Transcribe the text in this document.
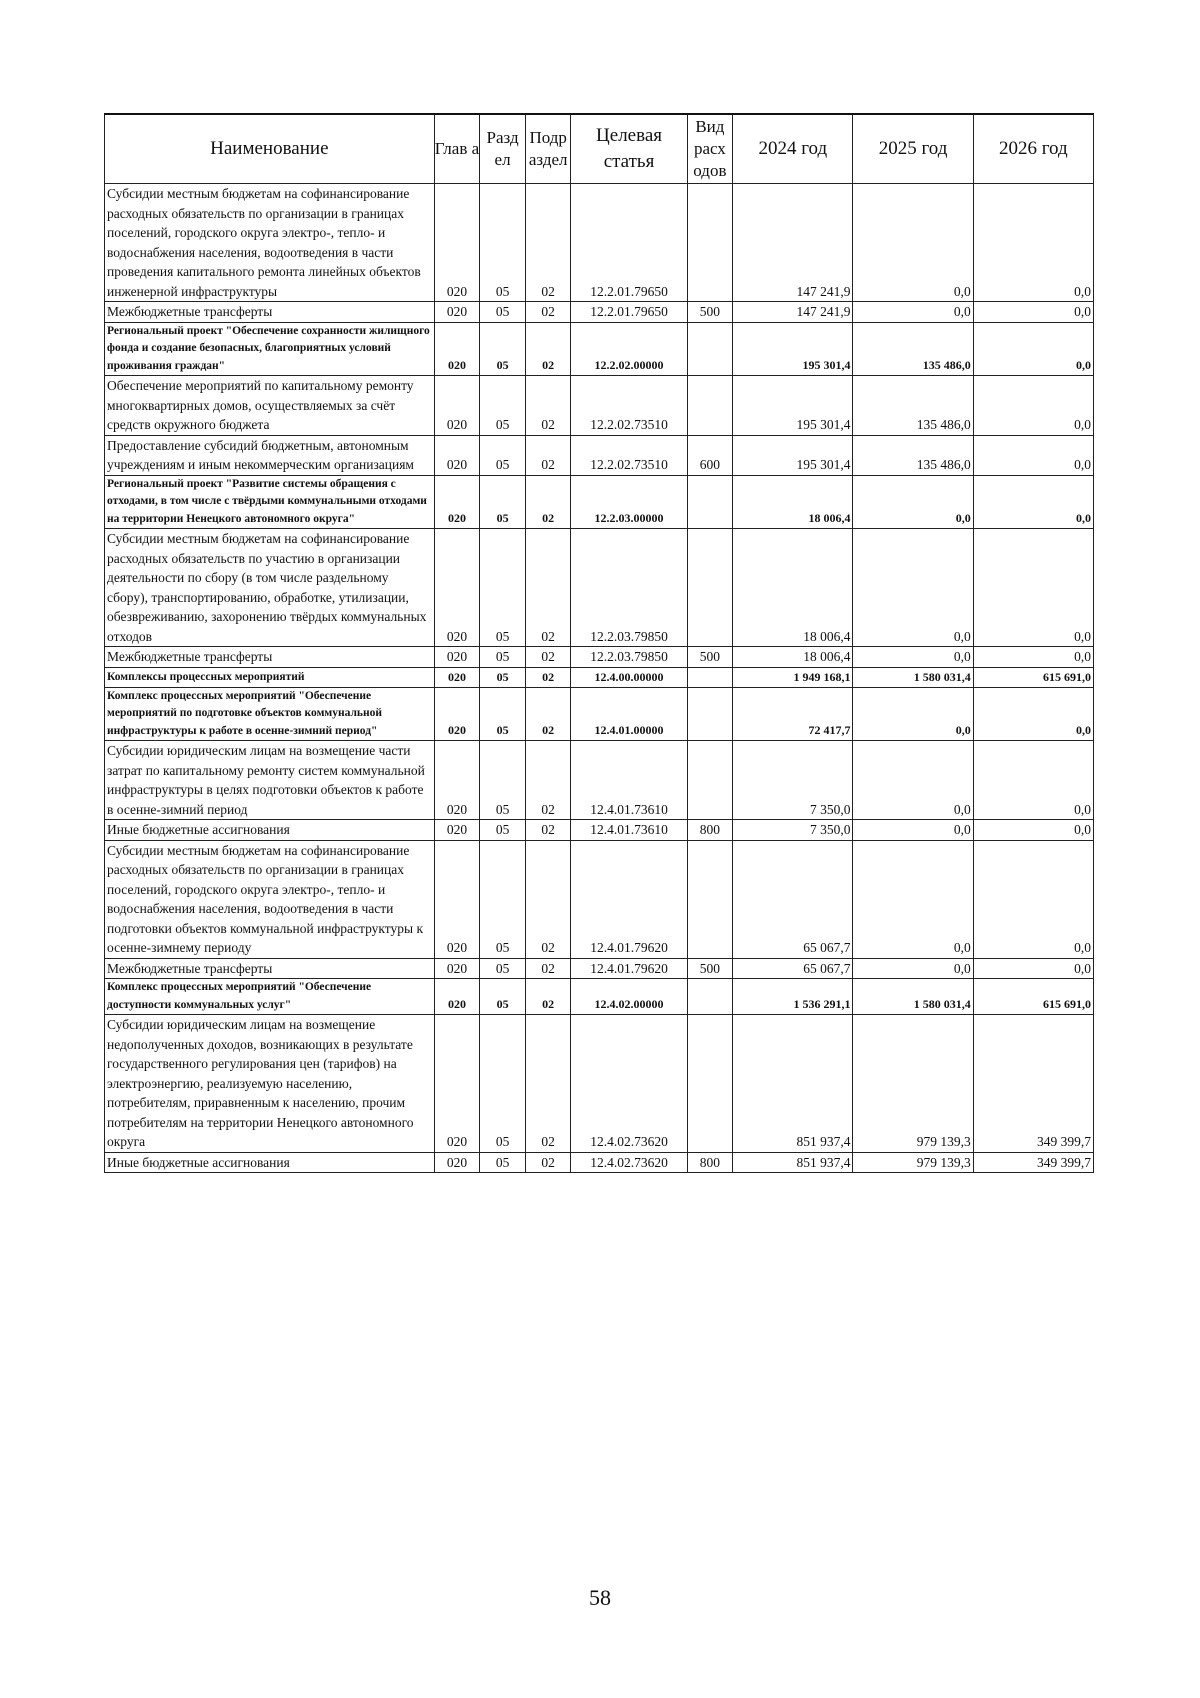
Наименование	Глав а	Разд ел	Подр аздел	Целевая статья	Вид расх одов	2024 год	2025 год	2026 год
Субсидии местным бюджетам на софинансирование расходных обязательств по организации в границах поселений, городского округа электро-, тепло- и водоснабжения населения, водоотведения в части проведения капитального ремонта линейных объектов инженерной инфраструктуры	020	05	02	12.2.01.79650		147 241,9	0,0	0,0
Межбюджетные трансферты	020	05	02	12.2.01.79650	500	147 241,9	0,0	0,0
Региональный проект "Обеспечение сохранности жилищного фонда и создание безопасных, благоприятных условий проживания граждан"	020	05	02	12.2.02.00000		195 301,4	135 486,0	0,0
Обеспечение мероприятий по капитальному ремонту многоквартирных домов, осуществляемых за счёт средств окружного бюджета	020	05	02	12.2.02.73510		195 301,4	135 486,0	0,0
Предоставление субсидий бюджетным, автономным учреждениям и иным некоммерческим организациям	020	05	02	12.2.02.73510	600	195 301,4	135 486,0	0,0
Региональный проект "Развитие системы обращения с отходами, в том числе с твёрдыми коммунальными отходами на территории Ненецкого автономного округа"	020	05	02	12.2.03.00000		18 006,4	0,0	0,0
Субсидии местным бюджетам на софинансирование расходных обязательств по участию в организации деятельности по сбору (в том числе раздельному сбору), транспортированию, обработке, утилизации, обезвреживанию, захоронению твёрдых коммунальных отходов	020	05	02	12.2.03.79850		18 006,4	0,0	0,0
Межбюджетные трансферты	020	05	02	12.2.03.79850	500	18 006,4	0,0	0,0
Комплексы процессных мероприятий	020	05	02	12.4.00.00000		1 949 168,1	1 580 031,4	615 691,0
Комплекс процессных мероприятий "Обеспечение мероприятий по подготовке объектов коммунальной инфраструктуры к работе в осенне-зимний период"	020	05	02	12.4.01.00000		72 417,7	0,0	0,0
Субсидии юридическим лицам на возмещение части затрат по капитальному ремонту систем коммунальной инфраструктуры в целях подготовки объектов к работе в осенне-зимний период	020	05	02	12.4.01.73610		7 350,0	0,0	0,0
Иные бюджетные ассигнования	020	05	02	12.4.01.73610	800	7 350,0	0,0	0,0
Субсидии местным бюджетам на софинансирование расходных обязательств по организации в границах поселений, городского округа электро-, тепло- и водоснабжения населения, водоотведения в части подготовки объектов коммунальной инфраструктуры к осенне-зимнему периоду	020	05	02	12.4.01.79620		65 067,7	0,0	0,0
Межбюджетные трансферты	020	05	02	12.4.01.79620	500	65 067,7	0,0	0,0
Комплекс процессных мероприятий "Обеспечение доступности коммунальных услуг"	020	05	02	12.4.02.00000		1 536 291,1	1 580 031,4	615 691,0
Субсидии юридическим лицам на возмещение недополученных доходов, возникающих в результате государственного регулирования цен (тарифов) на электроэнергию, реализуемую населению, потребителям, приравненным к населению, прочим потребителям на территории Ненецкого автономного округа	020	05	02	12.4.02.73620		851 937,4	979 139,3	349 399,7
Иные бюджетные ассигнования	020	05	02	12.4.02.73620	800	851 937,4	979 139,3	349 399,7
58
